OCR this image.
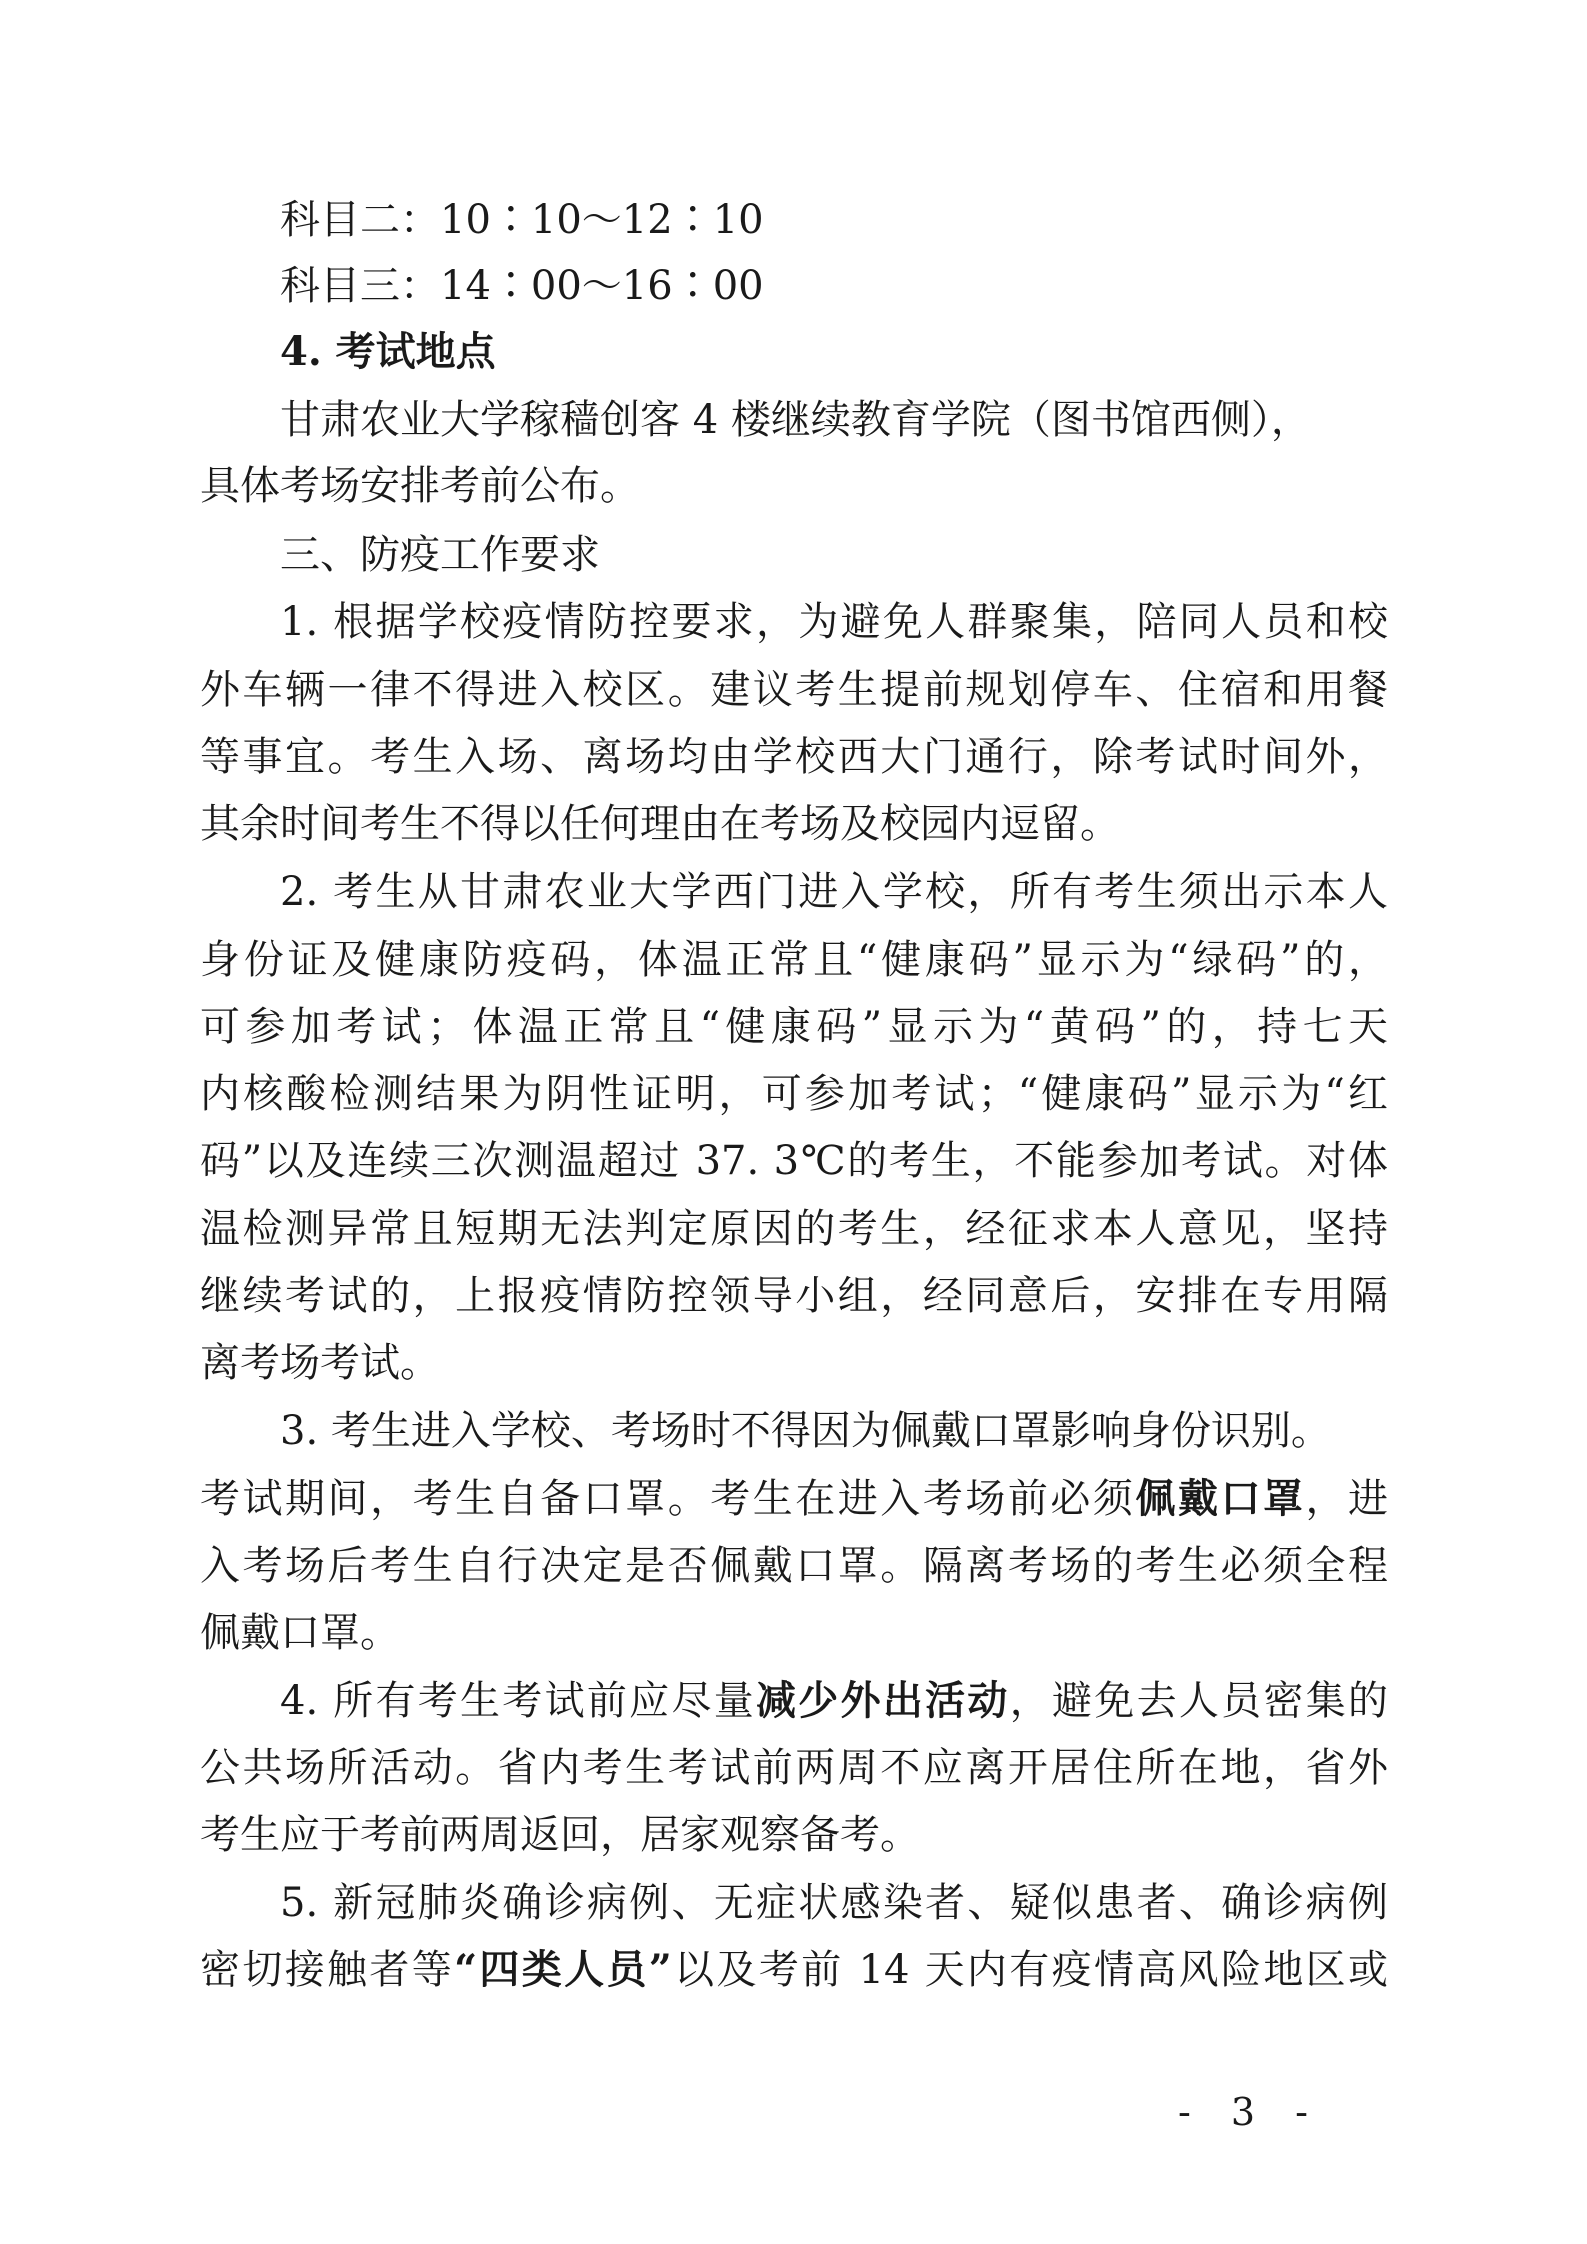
科目二：10∶10～12∶10
科目三：14∶00～16∶00
4. 考试地点
甘肃农业大学稼穑创客 4 楼继续教育学院（图书馆西侧），
具体考场安排考前公布。
三、防疫工作要求
1. 根据学校疫情防控要求，为避免人群聚集，陪同人员和校
外车辆一律不得进入校区。建议考生提前规划停车、住宿和用餐
等事宜。考生入场、离场均由学校西大门通行，除考试时间外，
其余时间考生不得以任何理由在考场及校园内逗留。
2. 考生从甘肃农业大学西门进入学校，所有考生须出示本人
身份证及健康防疫码，体温正常且“健康码”显示为“绿码”的，
可参加考试；体温正常且“健康码”显示为“黄码”的，持七天
内核酸检测结果为阴性证明，可参加考试；“健康码”显示为“红
码”以及连续三次测温超过 37. 3℃的考生，不能参加考试。对体
温检测异常且短期无法判定原因的考生，经征求本人意见，坚持
继续考试的，上报疫情防控领导小组，经同意后，安排在专用隔
离考场考试。
3. 考生进入学校、考场时不得因为佩戴口罩影响身份识别。
考试期间，考生自备口罩。考生在进入考场前必须佩戴口罩，进
入考场后考生自行决定是否佩戴口罩。隔离考场的考生必须全程
佩戴口罩。
4. 所有考生考试前应尽量减少外出活动，避免去人员密集的
公共场所活动。省内考生考试前两周不应离开居住所在地，省外
考生应于考前两周返回，居家观察备考。
5. 新冠肺炎确诊病例、无症状感染者、疑似患者、确诊病例
密切接触者等“四类人员”以及考前 14 天内有疫情高风险地区或
- 3 -
